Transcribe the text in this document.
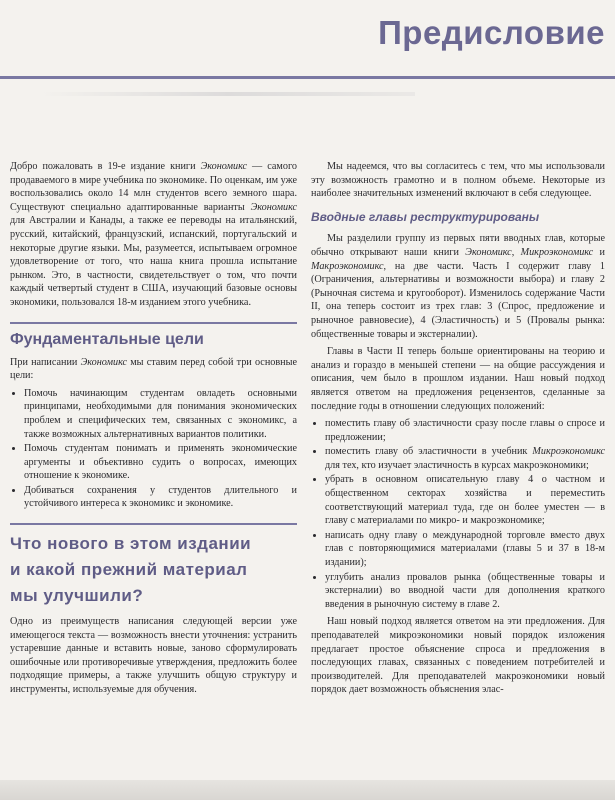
Предисловие

Добро пожаловать в 19-е издание книги Экономикс — самого продаваемого в мире учебника по экономике. По оценкам, им уже воспользовались около 14 млн студентов всего земного шара. Существуют специально адаптированные варианты Экономикс для Австралии и Канады, а также ее переводы на итальянский, русский, китайский, французский, испанский, португальский и некоторые другие языки. Мы, разумеется, испытываем огромное удовлетворение от того, что наша книга прошла испытание рынком. Это, в частности, свидетельствует о том, что почти каждый четвертый студент в США, изучающий базовые основы экономики, пользовался 18-м изданием этого учебника.

Фундаментальные цели

При написании Экономикс мы ставим перед собой три основные цели:

• Помочь начинающим студентам овладеть основными принципами, необходимыми для понимания экономических проблем и специфических тем, связанных с экономикс, а также возможных альтернативных вариантов политики.
• Помочь студентам понимать и применять экономические аргументы и объективно судить о вопросах, имеющих отношение к экономике.
• Добиваться сохранения у студентов длительного и устойчивого интереса к экономикс и экономике.
Что нового в этом издании
и какой прежний материал
мы улучшили?

Одно из преимуществ написания следующей версии уже имеющегося текста — возможность внести уточнения: устранить устаревшие данные и вставить новые, заново сформулировать ошибочные или противоречивые утверждения, предложить более подходящие примеры, а также улучшить общую структуру и инструменты, используемые для обучения.

Мы надеемся, что вы согласитесь с тем, что мы использовали эту возможность грамотно и в полном объеме. Некоторые из наиболее значительных изменений включают в себя следующее.

Вводные главы реструктурированы

Мы разделили группу из первых пяти вводных глав, которые обычно открывают наши книги Экономикс, Микроэкономикс и Макроэкономикс, на две части. Часть I содержит главу 1 (Ограничения, альтернативы и возможности выбора) и главу 2 (Рыночная система и кругооборот). Изменилось содержание Части II, она теперь состоит из трех глав: 3 (Спрос, предложение и рыночное равновесие), 4 (Эластичность) и 5 (Провалы рынка: общественные товары и экстерналии).

Главы в Части II теперь больше ориентированы на теорию и анализ и гораздо в меньшей степени — на общие рассуждения и описания, чем было в прошлом издании. Наш новый подход является ответом на предложения рецензентов, сделанные за последние годы в отношении следующих положений:

• поместить главу об эластичности сразу после главы о спросе и предложении;
• поместить главу об эластичности в учебник Микроэкономикс для тех, кто изучает эластичность в курсах макроэкономики;
• убрать в основном описательную главу 4 о частном и общественном секторах хозяйства и переместить соответствующий материал туда, где он более уместен — в главу с материалами по микро- и макроэкономике;
• написать одну главу о международной торговле вместо двух глав с повторяющимися материалами (главы 5 и 37 в 18-м издании);
• углубить анализ провалов рынка (общественные товары и экстерналии) во вводной части для дополнения краткого введения в рыночную систему в главе 2.

Наш новый подход является ответом на эти предложения. Для преподавателей микроэкономики новый порядок изложения предлагает простое объяснение спроса и предложения в последующих главах, связанных с поведением потребителей и производителей. Для преподавателей макроэкономики новый порядок дает возможность объяснения элас-
